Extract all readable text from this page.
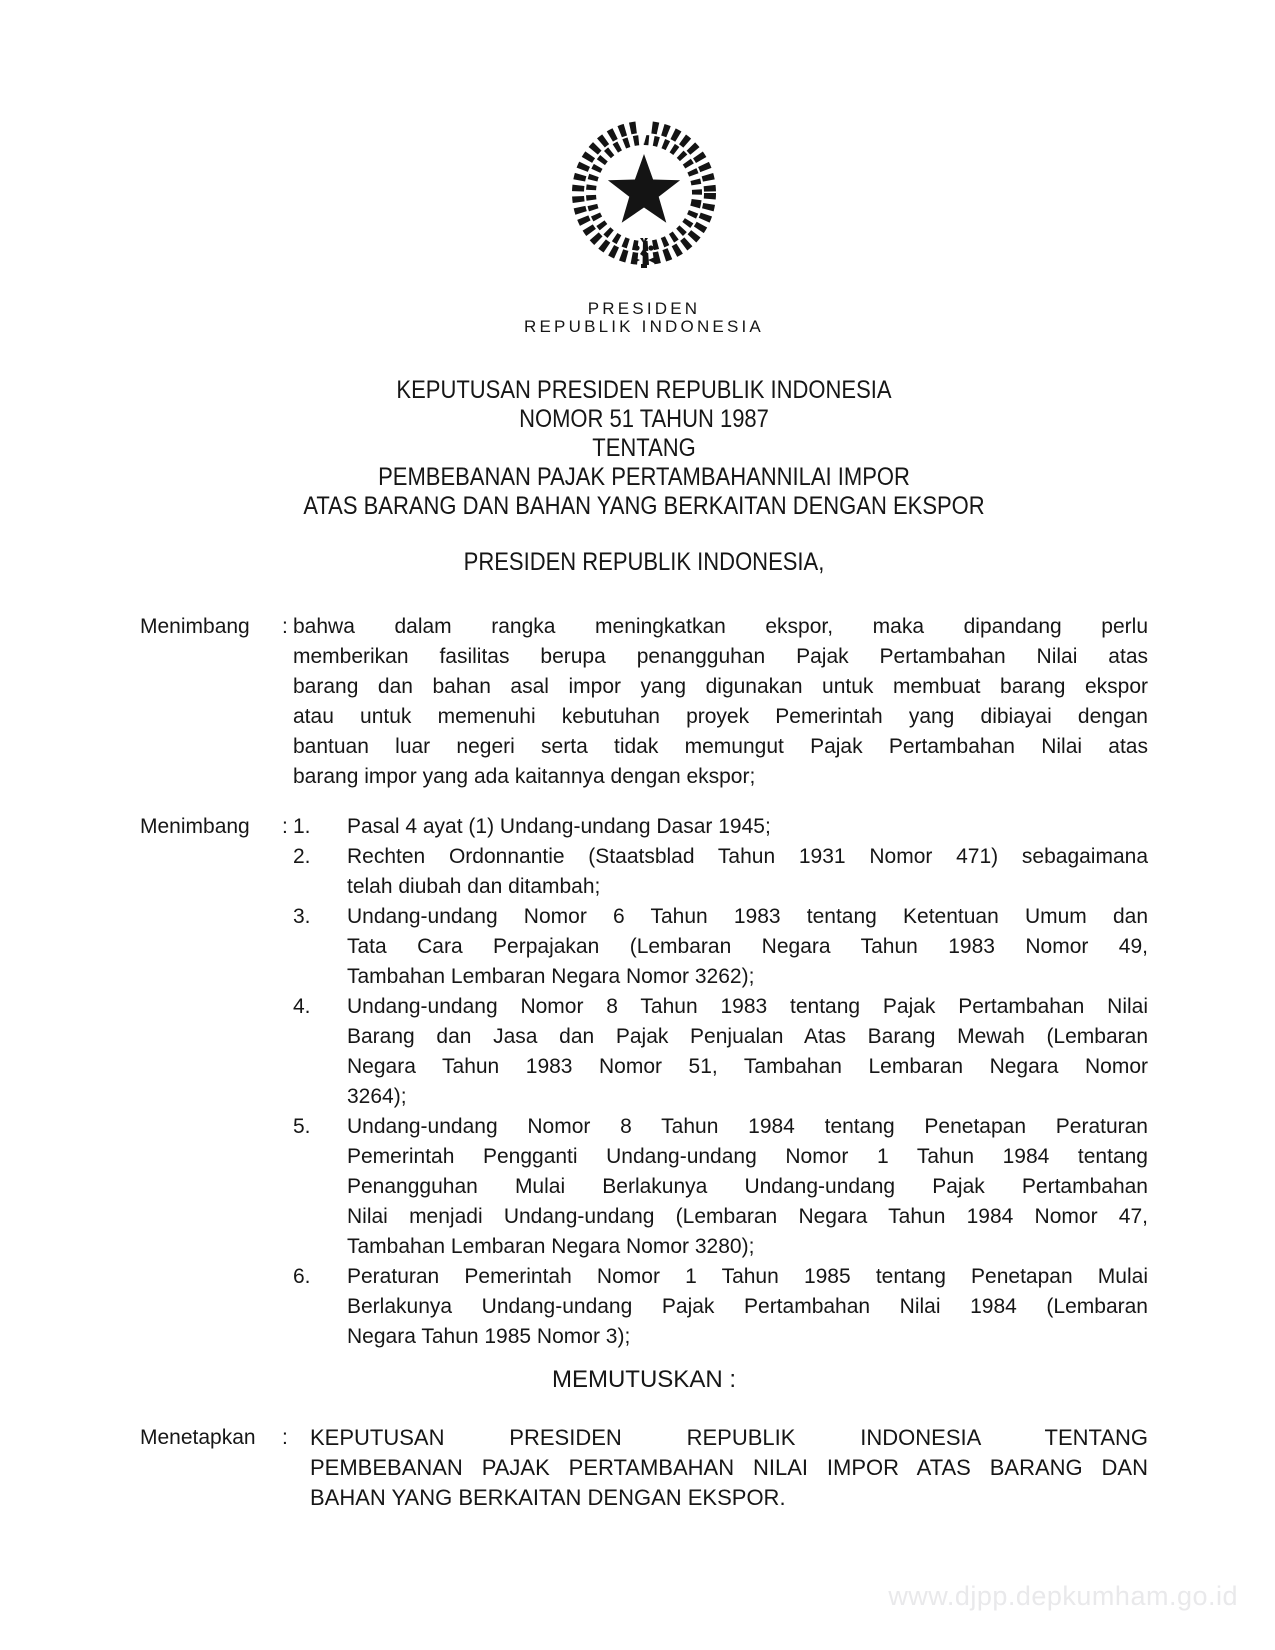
PRESIDEN
REPUBLIK INDONESIA
KEPUTUSAN PRESIDEN REPUBLIK INDONESIA
NOMOR 51 TAHUN 1987
TENTANG
PEMBEBANAN PAJAK PERTAMBAHANNILAI IMPOR
ATAS BARANG DAN BAHAN YANG BERKAITAN DENGAN EKSPOR
PRESIDEN REPUBLIK INDONESIA,
Menimbang	: bahwa dalam rangka meningkatkan ekspor, maka dipandang perlu
memberikan fasilitas berupa penangguhan Pajak Pertambahan Nilai atas
barang dan bahan asal impor yang digunakan untuk membuat barang ekspor
atau untuk memenuhi kebutuhan proyek Pemerintah yang dibiayai dengan
bantuan luar negeri serta tidak memungut Pajak Pertambahan Nilai atas
barang impor yang ada kaitannya dengan ekspor;
Menimbang	: 1.	Pasal 4 ayat (1) Undang-undang Dasar 1945;
2.	Rechten Ordonnantie (Staatsblad Tahun 1931 Nomor 471) sebagaimana
telah diubah dan ditambah;
3.	Undang-undang Nomor 6 Tahun 1983 tentang Ketentuan Umum dan
Tata Cara Perpajakan (Lembaran Negara Tahun 1983 Nomor 49,
Tambahan Lembaran Negara Nomor 3262);
4.	Undang-undang Nomor 8 Tahun 1983 tentang Pajak Pertambahan Nilai
Barang dan Jasa dan Pajak Penjualan Atas Barang Mewah (Lembaran
Negara Tahun 1983 Nomor 51, Tambahan Lembaran Negara Nomor
3264);
5.	Undang-undang Nomor 8 Tahun 1984 tentang Penetapan Peraturan
Pemerintah Pengganti Undang-undang Nomor 1 Tahun 1984 tentang
Penangguhan Mulai Berlakunya Undang-undang Pajak Pertambahan
Nilai menjadi Undang-undang (Lembaran Negara Tahun 1984 Nomor 47,
Tambahan Lembaran Negara Nomor 3280);
6.	Peraturan Pemerintah Nomor 1 Tahun 1985 tentang Penetapan Mulai
Berlakunya Undang-undang Pajak Pertambahan Nilai 1984 (Lembaran
Negara Tahun 1985 Nomor 3);
MEMUTUSKAN :
Menetapkan	: KEPUTUSAN PRESIDEN REPUBLIK INDONESIA TENTANG
PEMBEBANAN PAJAK PERTAMBAHAN NILAI IMPOR ATAS BARANG DAN
BAHAN YANG BERKAITAN DENGAN EKSPOR.
www.djpp.depkumham.go.id
